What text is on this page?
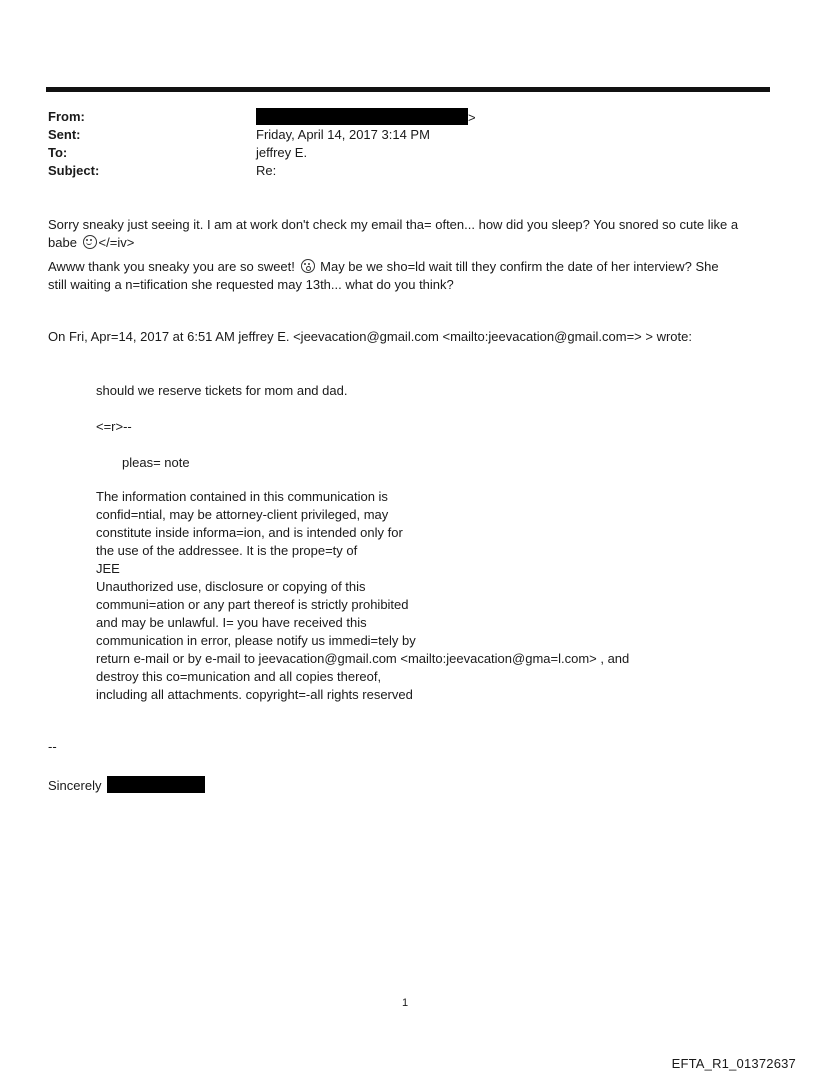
From:	>
Sent:	Friday, April 14, 2017 3:14 PM
To:	jeffrey E.
Subject:	Re:
Sorry sneaky just seeing it. I am at work don't check my email tha= often... how did you sleep? You snored so cute like a
babe </=iv>
Awww thank you sneaky you are so sweet! May be we sho=ld wait till they confirm the date of her interview? She
still waiting a n=tification she requested may 13th... what do you think?
On Fri, Apr=14, 2017 at 6:51 AM jeffrey E. <jeevacation@gmail.com <mailto:jeevacation@gmail.com=> > wrote:
should we reserve tickets for mom and dad.
<=r>--
pleas= note
The information contained in this communication is
confid=ntial, may be attorney-client privileged, may
constitute inside informa=ion, and is intended only for
the use of the addressee. It is the prope=ty of
JEE
Unauthorized use, disclosure or copying of this
communi=ation or any part thereof is strictly prohibited
and may be unlawful. I= you have received this
communication in error, please notify us immedi=tely by
return e-mail or by e-mail to jeevacation@gmail.com <mailto:jeevacation@gma=l.com> , and
destroy this co=munication and all copies thereof,
including all attachments. copyright=-all rights reserved
--
Sincerely
1
EFTA_R1_01372637
